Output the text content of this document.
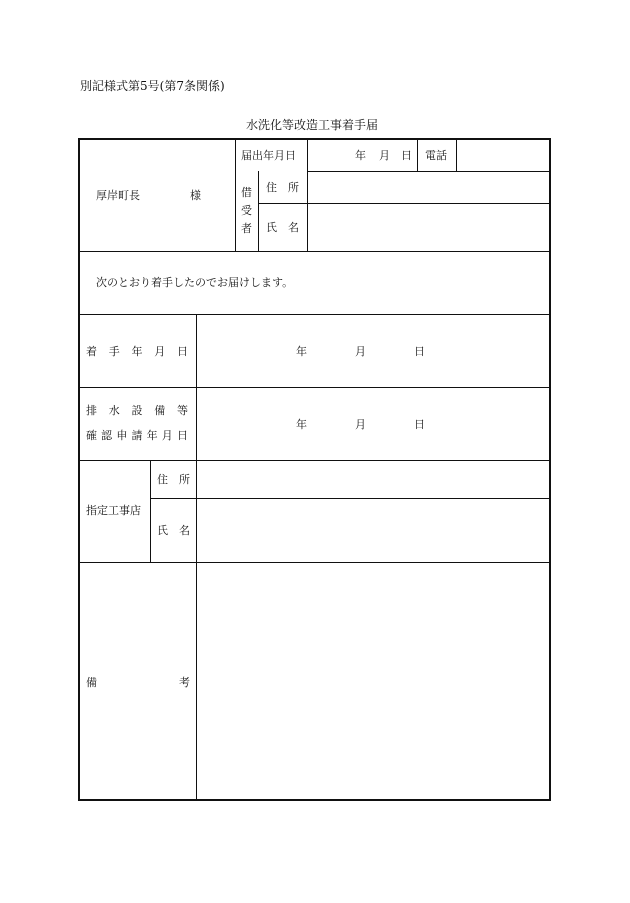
別記様式第5号(第7条関係)
水洗化等改造工事着手届
厚岸町長	様
届出年月日	年 月 日 電話
借
受
者
住　所
氏　名
次のとおり着手したのでお届けします。
着 手 年 月 日	年	月	日
排 水 設 備 等
確 認 申 請 年 月 日
年	月	日
指定工事店
住　所
氏　名
備	考
